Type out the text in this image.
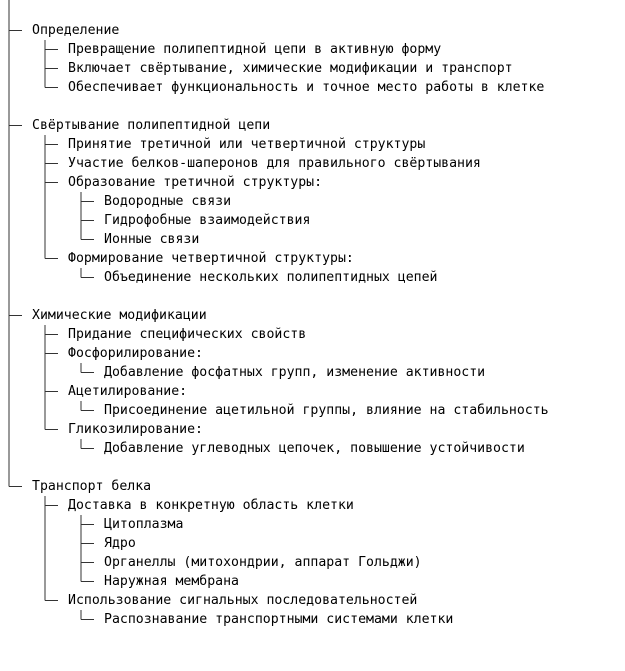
Определение
Превращение полипептидной цепи в активную форму
Включает свёртывание, химические модификации и транспорт
Обеспечивает функциональность и точное место работы в клетке
Свёртывание полипептидной цепи
Принятие третичной или четвертичной структуры
Участие белков-шаперонов для правильного свёртывания
Образование третичной структуры:
Водородные связи
Гидрофобные взаимодействия
Ионные связи
Формирование четвертичной структуры:
Объединение нескольких полипептидных цепей
Химические модификации
Придание специфических свойств
Фосфорилирование:
Добавление фосфатных групп, изменение активности
Ацетилирование:
Присоединение ацетильной группы, влияние на стабильность
Гликозилирование:
Добавление углеводных цепочек, повышение устойчивости
Транспорт белка
Доставка в конкретную область клетки
Цитоплазма
Ядро
Органеллы (митохондрии, аппарат Гольджи)
Наружная мембрана
Использование сигнальных последовательностей
Распознавание транспортными системами клетки
